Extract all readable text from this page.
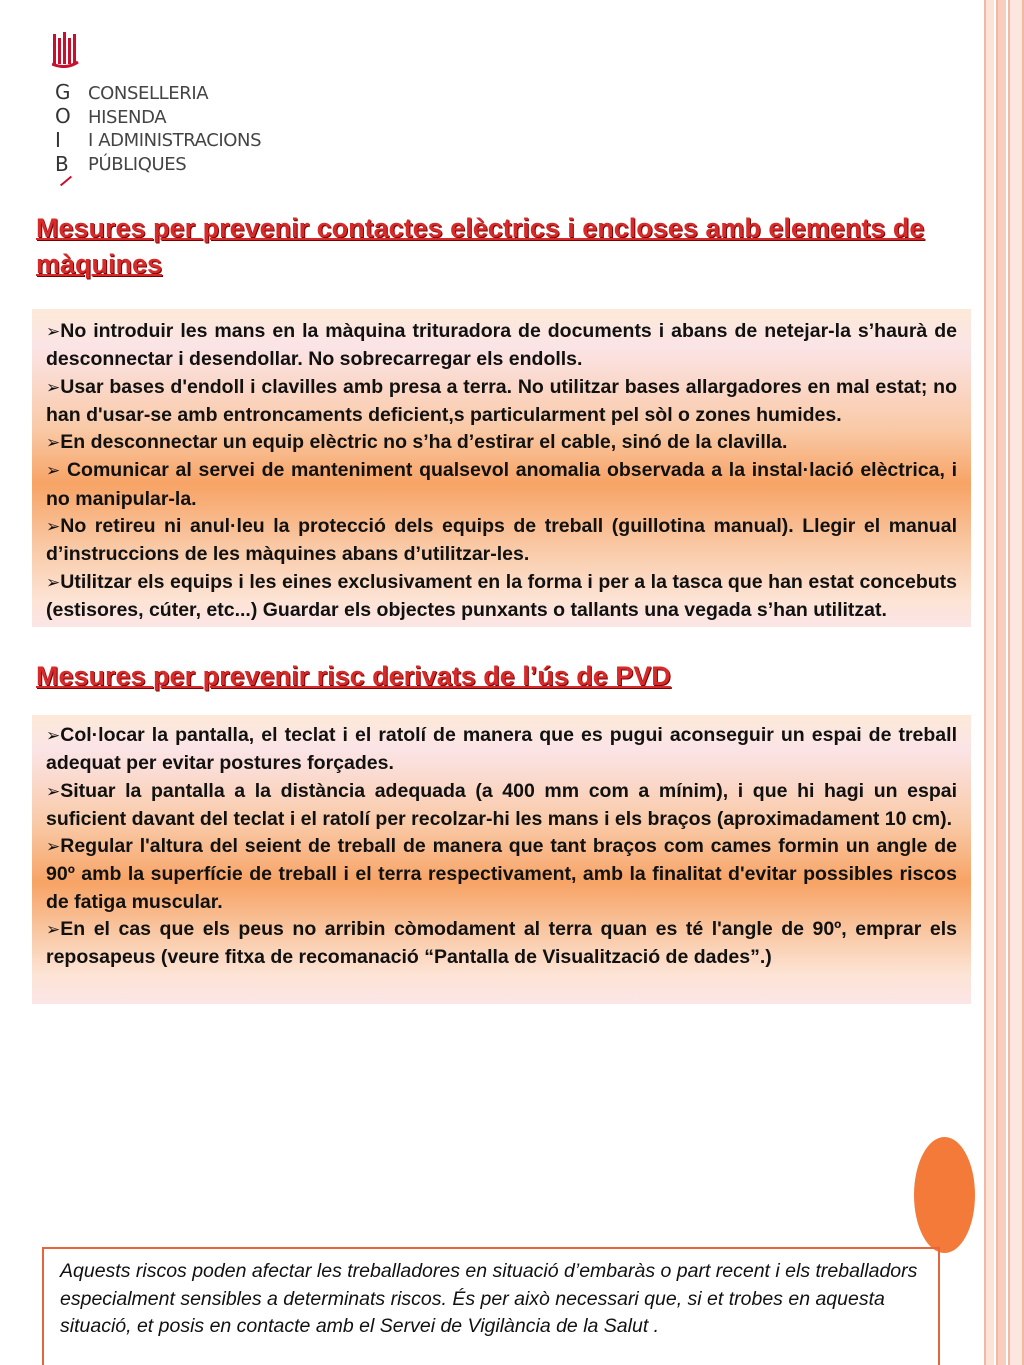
G
O
I
B
CONSELLERIA
HISENDA
I ADMINISTRACIONS
PÚBLIQUES
Mesures per prevenir contactes elèctrics i encloses amb elements de màquines

➢No introduir les mans en la màquina trituradora de documents i abans de netejar-la s’haurà de desconnectar i desendollar. No sobrecarregar els endolls.

➢Usar bases d'endoll i clavilles amb presa a terra. No utilitzar bases allargadores en mal estat; no han d'usar-se amb entroncaments deficient,s particularment pel sòl o zones humides.

➢En desconnectar un equip elèctric no s’ha d’estirar el cable, sinó de la clavilla.

➢ Comunicar al servei de manteniment qualsevol anomalia observada a la instal·lació elèctrica, i no manipular-la.

➢No retireu ni anul·leu la protecció dels equips de treball (guillotina manual). Llegir el manual d’instruccions de les màquines abans d’utilitzar-les.

➢Utilitzar els equips i les eines exclusivament en la forma i per a la tasca que han estat concebuts (estisores, cúter, etc...) Guardar els objectes punxants o tallants una vegada s’han utilitzat.

Mesures per prevenir risc derivats de l’ús de PVD

➢Col·locar la pantalla, el teclat i el ratolí de manera que es pugui aconseguir un espai de treball adequat per evitar postures forçades.

➢Situar la pantalla a la distància adequada (a 400 mm com a mínim), i que hi hagi un espai suficient davant del teclat i el ratolí per recolzar-hi les mans i els braços (aproximadament 10 cm).

➢Regular l'altura del seient de treball de manera que tant braços com cames formin un angle de 90º amb la superfície de treball i el terra respectivament, amb la finalitat d'evitar possibles riscos de fatiga muscular.

➢En el cas que els peus no arribin còmodament al terra quan es té l'angle de 90º, emprar els reposapeus (veure fitxa de recomanació “Pantalla de Visualització de dades”.)

Aquests riscos poden afectar les treballadores en situació d’embaràs o part recent i els treballadors especialment sensibles a determinats riscos. És per això necessari que, si et trobes en aquesta situació, et posis en contacte amb el Servei de Vigilància de la Salut .
